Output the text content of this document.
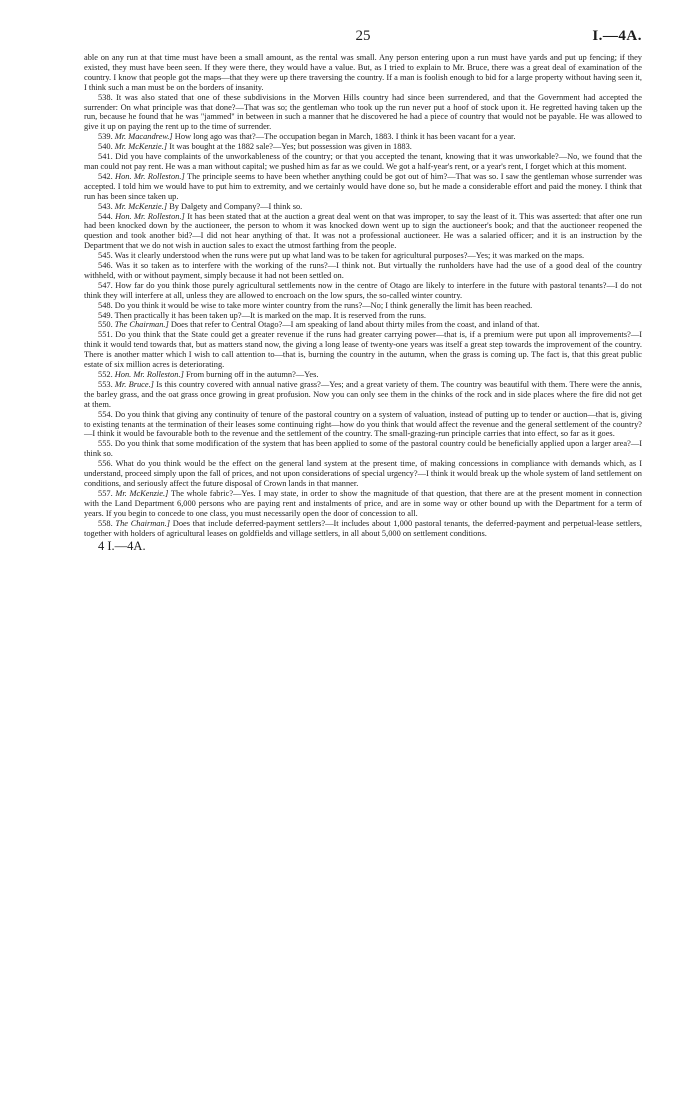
25	I.—4A.

able on any run at that time must have been a small amount, as the rental was small. Any person entering upon a run must have yards and put up fencing; if they existed, they must have been seen. If they were there, they would have a value. But, as I tried to explain to Mr. Bruce, there was a great deal of examination of the country. I know that people got the maps—that they were up there traversing the country. If a man is foolish enough to bid for a large property without having seen it, I think such a man must be on the borders of insanity.

538. It was also stated that one of these subdivisions in the Morven Hills country had since been surrendered, and that the Government had accepted the surrender: On what principle was that done?—That was so; the gentleman who took up the run never put a hoof of stock upon it. He regretted having taken up the run, because he found that he was "jammed" in between in such a manner that he discovered he had a piece of country that would not be payable. He was allowed to give it up on paying the rent up to the time of surrender.

539. Mr. Macandrew.] How long ago was that?—The occupation began in March, 1883. I think it has been vacant for a year.

540. Mr. McKenzie.] It was bought at the 1882 sale?—Yes; but possession was given in 1883.

541. Did you have complaints of the unworkableness of the country; or that you accepted the tenant, knowing that it was unworkable?—No, we found that the man could not pay rent. He was a man without capital; we pushed him as far as we could. We got a half-year's rent, or a year's rent, I forget which at this moment.

542. Hon. Mr. Rolleston.] The principle seems to have been whether anything could be got out of him?—That was so. I saw the gentleman whose surrender was accepted. I told him we would have to put him to extremity, and we certainly would have done so, but he made a considerable effort and paid the money. I think that run has been since taken up.

543. Mr. McKenzie.] By Dalgety and Company?—I think so.

544. Hon. Mr. Rolleston.] It has been stated that at the auction a great deal went on that was improper, to say the least of it. This was asserted: that after one run had been knocked down by the auctioneer, the person to whom it was knocked down went up to sign the auctioneer's book; and that the auctioneer reopened the question and took another bid?—I did not hear anything of that. It was not a professional auctioneer. He was a salaried officer; and it is an instruction by the Department that we do not wish in auction sales to exact the utmost farthing from the people.

545. Was it clearly understood when the runs were put up what land was to be taken for agricultural purposes?—Yes; it was marked on the maps.

546. Was it so taken as to interfere with the working of the runs?—I think not. But virtually the runholders have had the use of a good deal of the country withheld, with or without payment, simply because it had not been settled on.

547. How far do you think those purely agricultural settlements now in the centre of Otago are likely to interfere in the future with pastoral tenants?—I do not think they will interfere at all, unless they are allowed to encroach on the low spurs, the so-called winter country.

548. Do you think it would be wise to take more winter country from the runs?—No; I think generally the limit has been reached.

549. Then practically it has been taken up?—It is marked on the map. It is reserved from the runs.

550. The Chairman.] Does that refer to Central Otago?—I am speaking of land about thirty miles from the coast, and inland of that.

551. Do you think that the State could get a greater revenue if the runs had greater carrying power—that is, if a premium were put upon all improvements?—I think it would tend towards that, but as matters stand now, the giving a long lease of twenty-one years was itself a great step towards the improvement of the country. There is another matter which I wish to call attention to—that is, burning the country in the autumn, when the grass is coming up. The fact is, that this great public estate of six million acres is deteriorating.

552. Hon. Mr. Rolleston.] From burning off in the autumn?—Yes.

553. Mr. Bruce.] Is this country covered with annual native grass?—Yes; and a great variety of them. The country was beautiful with them. There were the annis, the barley grass, and the oat grass once growing in great profusion. Now you can only see them in the chinks of the rock and in side places where the fire did not get at them.

554. Do you think that giving any continuity of tenure of the pastoral country on a system of valuation, instead of putting up to tender or auction—that is, giving to existing tenants at the termination of their leases some continuing right—how do you think that would affect the revenue and the general settlement of the country?—I think it would be favourable both to the revenue and the settlement of the country. The small-grazing-run principle carries that into effect, so far as it goes.

555. Do you think that some modification of the system that has been applied to some of the pastoral country could be beneficially applied upon a larger area?—I think so.

556. What do you think would be the effect on the general land system at the present time, of making concessions in compliance with demands which, as I understand, proceed simply upon the fall of prices, and not upon considerations of special urgency?—I think it would break up the whole system of land settlement on conditions, and seriously affect the future disposal of Crown lands in that manner.

557. Mr. McKenzie.] The whole fabric?—Yes. I may state, in order to show the magnitude of that question, that there are at the present moment in connection with the Land Department 6,000 persons who are paying rent and instalments of price, and are in some way or other bound up with the Department for a term of years. If you begin to concede to one class, you must necessarily open the door of concession to all.

558. The Chairman.] Does that include deferred-payment settlers?—It includes about 1,000 pastoral tenants, the deferred-payment and perpetual-lease settlers, together with holders of agricultural leases on goldfields and village settlers, in all about 5,000 on settlement conditions.

4 I.—4A.
